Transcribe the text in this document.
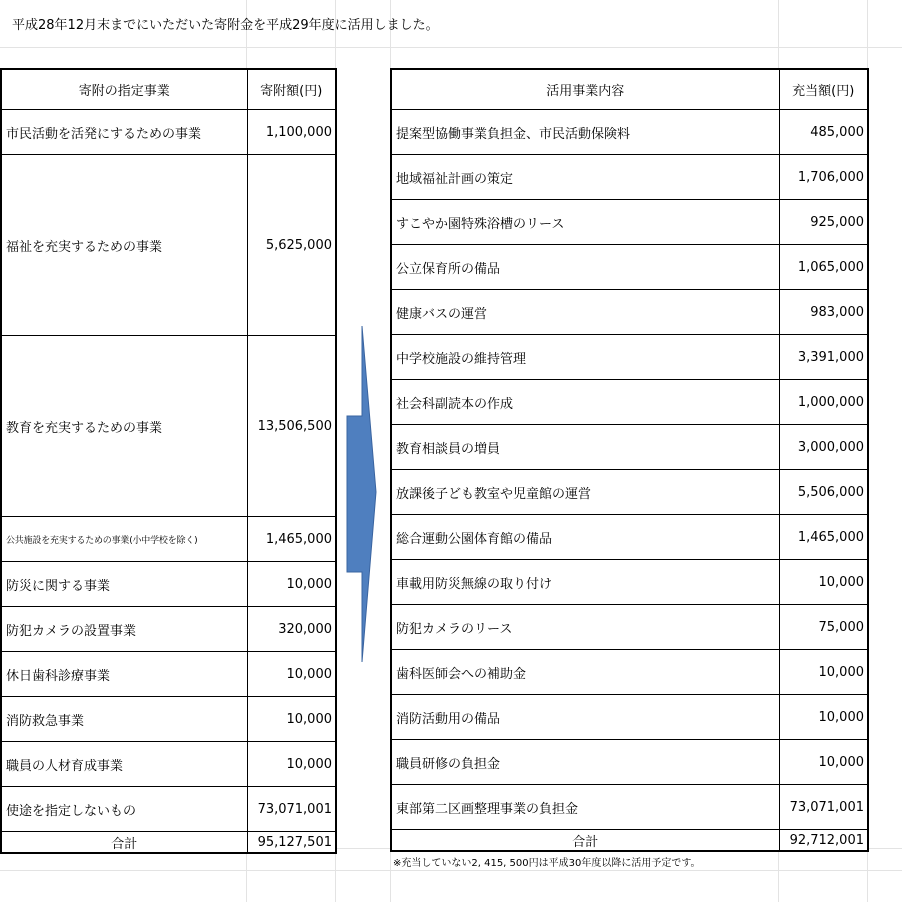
平成28年12月末までにいただいた寄附金を平成29年度に活用しました。
寄附の指定事業	寄附額(円)
市民活動を活発にするための事業	1,100,000
福祉を充実するための事業	5,625,000
教育を充実するための事業	13,506,500
公共施設を充実するための事業(小中学校を除く)	1,465,000
防災に関する事業	10,000
防犯カメラの設置事業	320,000
休日歯科診療事業	10,000
消防救急事業	10,000
職員の人材育成事業	10,000
使途を指定しないもの	73,071,001
合計	95,127,501
活用事業内容	充当額(円)
提案型協働事業負担金、市民活動保険料	485,000
地域福祉計画の策定	1,706,000
すこやか園特殊浴槽のリース	925,000
公立保育所の備品	1,065,000
健康バスの運営	983,000
中学校施設の維持管理	3,391,000
社会科副読本の作成	1,000,000
教育相談員の増員	3,000,000
放課後子ども教室や児童館の運営	5,506,000
総合運動公園体育館の備品	1,465,000
車載用防災無線の取り付け	10,000
防犯カメラのリース	75,000
歯科医師会への補助金	10,000
消防活動用の備品	10,000
職員研修の負担金	10,000
東部第二区画整理事業の負担金	73,071,001
合計	92,712,001
※充当していない2, 415, 500円は平成30年度以降に活用予定です。
